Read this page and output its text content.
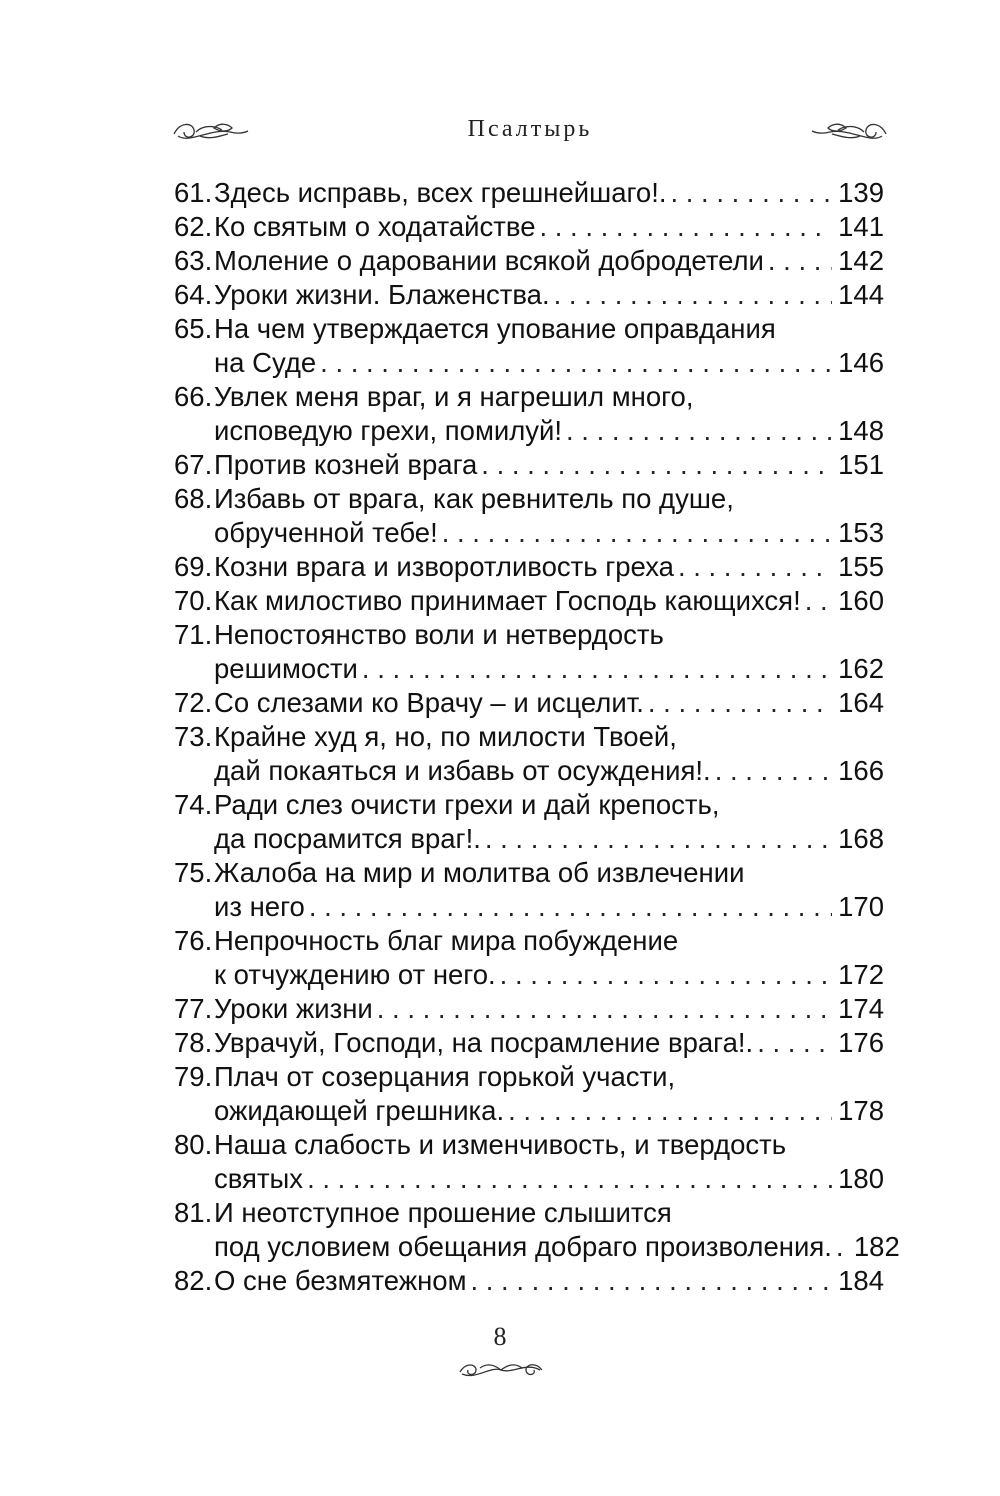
Псалтырь
61. Здесь исправь, всех грешнейшаго!. . . .	139
62. Ко святым о ходатайстве . . .	141
63. Моление о даровании всякой добродетели . . .	142
64. Уроки жизни. Блаженства. . . .	144
65. На чем утверждается упование оправдания
на Суде . . .	146
66. Увлек меня враг, и я нагрешил много,
исповедую грехи, помилуй! . . .	148
67. Против козней врага . . .	151
68. Избавь от врага, как ревнитель по душе,
обрученной тебе! . . .	153
69. Козни врага и изворотливость греха . . .	155
70. Как милостиво принимает Господь кающихся! . . . 160
71. Непостоянство воли и нетвердость
решимости . . .	162
72. Со слезами ко Врачу – и исцелит. . . .	164
73. Крайне худ я, но, по милости Твоей,
дай покаяться и избавь от осуждения!. . . .	166
74. Ради слез очисти грехи и дай крепость,
да посрамится враг!. . . .	168
75. Жалоба на мир и молитва об извлечении
из него . . .	170
76. Непрочность благ мира побуждение
к отчуждению от него. . . .	172
77. Уроки жизни . . .	174
78. Уврачуй, Господи, на посрамление врага!. . . .	176
79. Плач от созерцания горькой участи,
ожидающей грешника. . . .	178
80. Наша слабость и изменчивость, и твердость
святых . . .	180
81. И неотступное прошение слышится
под условием обещания добраго произволения. . . . 182
82. О сне безмятежном . . .	184
8
